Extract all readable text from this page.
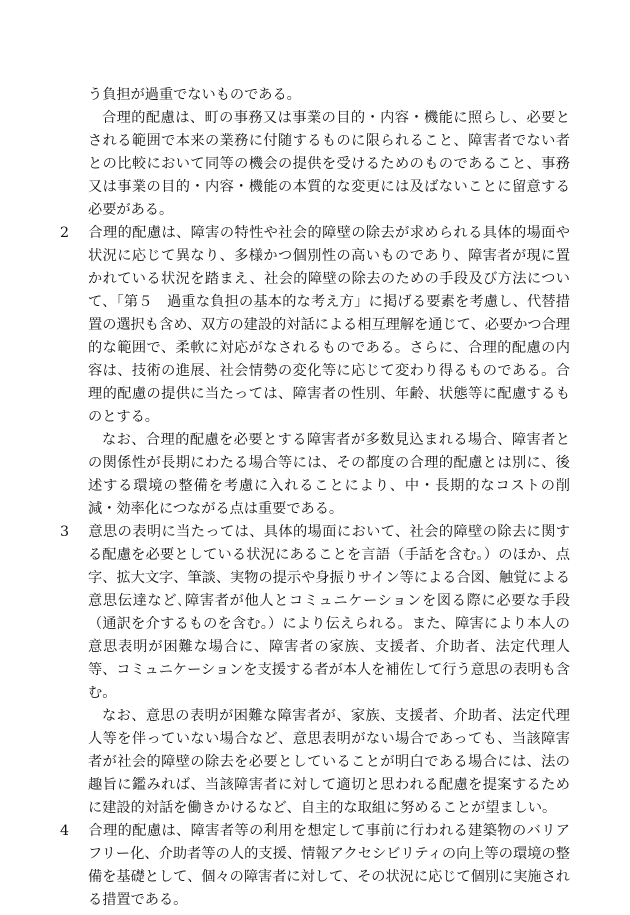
う負担が過重でないものである。

合理的配慮は、町の事務又は事業の目的・内容・機能に照らし、必要とされる範囲で本来の業務に付随するものに限られること、障害者でない者との比較において同等の機会の提供を受けるためのものであること、事務又は事業の目的・内容・機能の本質的な変更には及ばないことに留意する必要がある。

2 合理的配慮は、障害の特性や社会的障壁の除去が求められる具体的場面や状況に応じて異なり、多様かつ個別性の高いものであり、障害者が現に置かれている状況を踏まえ、社会的障壁の除去のための手段及び方法について、「第５　過重な負担の基本的な考え方」に掲げる要素を考慮し、代替措置の選択も含め、双方の建設的対話による相互理解を通じて、必要かつ合理的な範囲で、柔軟に対応がなされるものである。さらに、合理的配慮の内容は、技術の進展、社会情勢の変化等に応じて変わり得るものである。合理的配慮の提供に当たっては、障害者の性別、年齢、状態等に配慮するものとする。

なお、合理的配慮を必要とする障害者が多数見込まれる場合、障害者との関係性が長期にわたる場合等には、その都度の合理的配慮とは別に、後述する環境の整備を考慮に入れることにより、中・長期的なコストの削減・効率化につながる点は重要である。

3 意思の表明に当たっては、具体的場面において、社会的障壁の除去に関する配慮を必要としている状況にあることを言語（手話を含む。）のほか、点字、拡大文字、筆談、実物の提示や身振りサイン等による合図、触覚による意思伝達など､障害者が他人とコミュニケーションを図る際に必要な手段（通訳を介するものを含む。）により伝えられる。また、障害により本人の意思表明が困難な場合に、障害者の家族、支援者、介助者、法定代理人等、コミュニケーションを支援する者が本人を補佐して行う意思の表明も含む。

なお、意思の表明が困難な障害者が、家族、支援者、介助者、法定代理人等を伴っていない場合など、意思表明がない場合であっても、当該障害者が社会的障壁の除去を必要としていることが明白である場合には、法の趣旨に鑑みれば、当該障害者に対して適切と思われる配慮を提案するために建設的対話を働きかけるなど、自主的な取組に努めることが望ましい。

4 合理的配慮は、障害者等の利用を想定して事前に行われる建築物のバリアフリー化、介助者等の人的支援、情報アクセシビリティの向上等の環境の整備を基礎として、個々の障害者に対して、その状況に応じて個別に実施される措置である。
